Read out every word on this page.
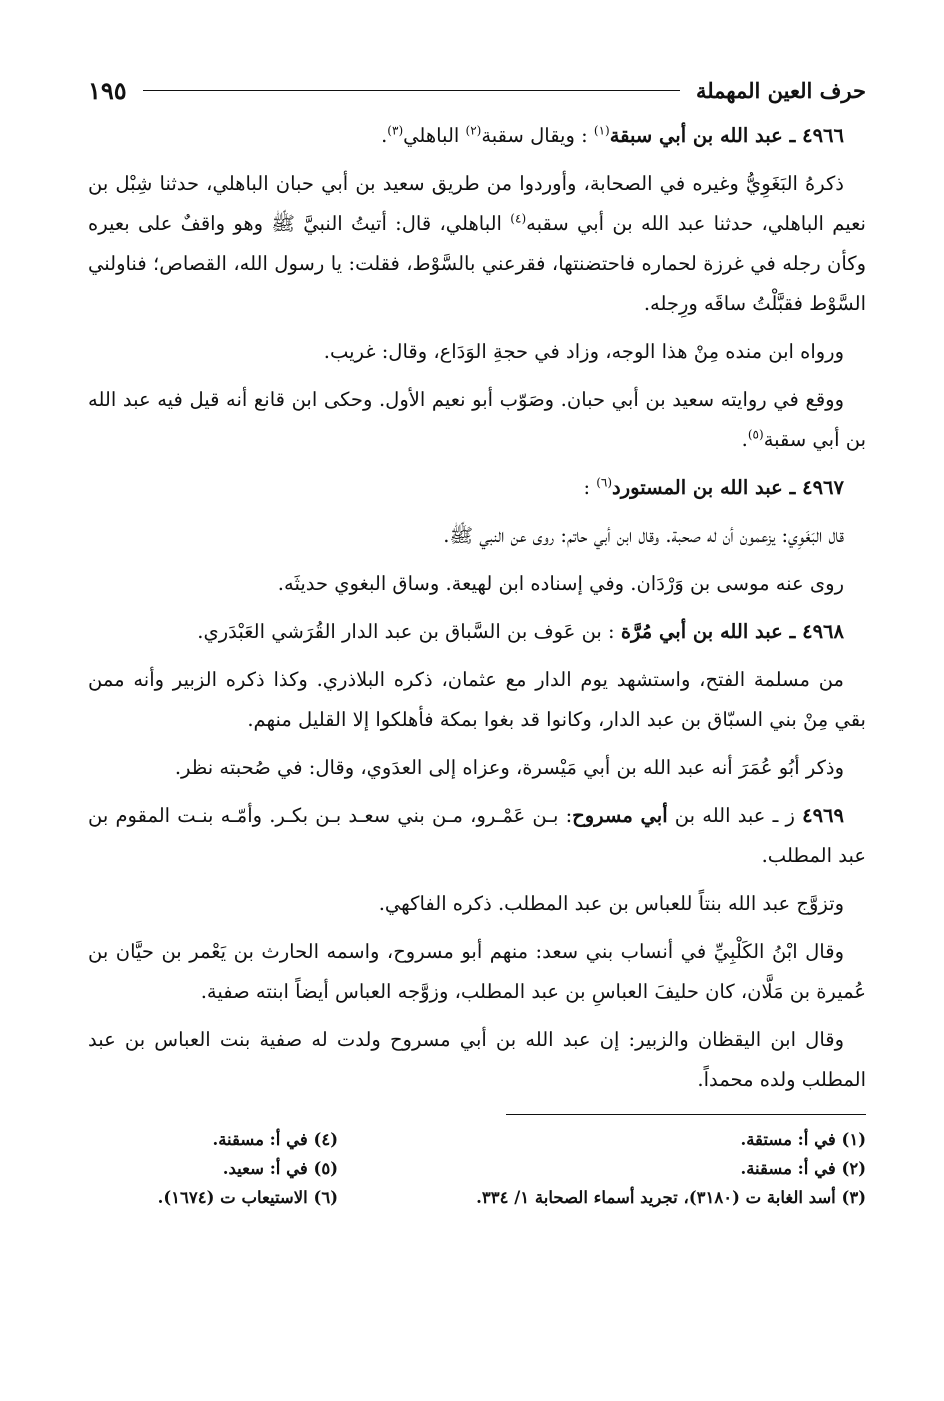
حرف العين المهملة
١٩٥

٤٩٦٦ ـ عبد الله بن أبي سبقة$^{(١)}$ : ويقال سقبة$^{(٢)}$ الباهلي$^{(٣)}$.

ذكرهُ البَغَوِيُّ وغيره في الصحابة، وأوردوا من طريق سعيد بن أبي حبان الباهلي، حدثنا شِبْل بن نعيم الباهلي، حدثنا عبد الله بن أبي سقبه$^{(٤)}$ الباهلي، قال: أتيتُ النبيَّ ﷺ وهو واقفٌ على بعيره وكأن رجله في غرزة لحماره فاحتضنتها، فقرعني بالسَّوْط، فقلت: يا رسول الله، القصاص؛ فناولني السَّوْط فقبَّلْتُ ساقَه ورِجله.

ورواه ابن منده مِنْ هذا الوجه، وزاد في حجةِ الوَدَاع، وقال: غريب.

ووقع في روايته سعيد بن أبي حبان. وصَوّب أبو نعيم الأول. وحكى ابن قانع أنه قيل فيه عبد الله بن أبي سقبة$^{(٥)}$.

٤٩٦٧ ـ عبد الله بن المستورد$^{(٦)}$ :

قال البَغَوِي: يزعمون أن له صحبة. وقال ابن أبي حاتم: روى عن النبي ﷺ.

روى عنه موسى بن وَرْدَان. وفي إسناده ابن لهيعة. وساق البغوي حديثَه.

٤٩٦٨ ـ عبد الله بن أبي مُرَّة : بن عَوف بن السَّباق بن عبد الدار القُرَشي العَبْدَري.

من مسلمة الفتح، واستشهد يوم الدار مع عثمان، ذكره البلاذري. وكذا ذكره الزبير وأنه ممن بقي مِنْ بني السبّاق بن عبد الدار، وكانوا قد بغوا بمكة فأهلكوا إلا القليل منهم.

وذكر أبُو عُمَرَ أنه عبد الله بن أبي مَيْسرة، وعزاه إلى العدَوي، وقال: في صُحبته نظر.

٤٩٦٩ ز ـ عبد الله بن أبي مسروح: بـن عَمْـرو، مـن بني سعـد بـن بكـر. وأمّـه بنـت المقوم بن عبد المطلب.

وتزوَّج عبد الله بنتاً للعباس بن عبد المطلب. ذكره الفاكهي.

وقال ابْنُ الكَلْبِيِّ في أنساب بني سعد: منهم أبو مسروح، واسمه الحارث بن يَعْمر بن حيَّان بن عُميرة بن مَلَّان، كان حليفَ العباسِ بن عبد المطلب، وزوَّجه العباس أيضاً ابنته صفية.

وقال ابن اليقظان والزبير: إن عبد الله بن أبي مسروح ولدت له صفية بنت العباس بن عبد المطلب ولده محمداً.

(١) في أ: مستقة.
(٢) في أ: مسقنة.
(٣) أسد الغابة ت (٣١٨٠)، تجريد أسماء الصحابة ١/ ٣٣٤.
(٤) في أ: مسقنة.
(٥) في أ: سعيد.
(٦) الاستيعاب ت (١٦٧٤).
